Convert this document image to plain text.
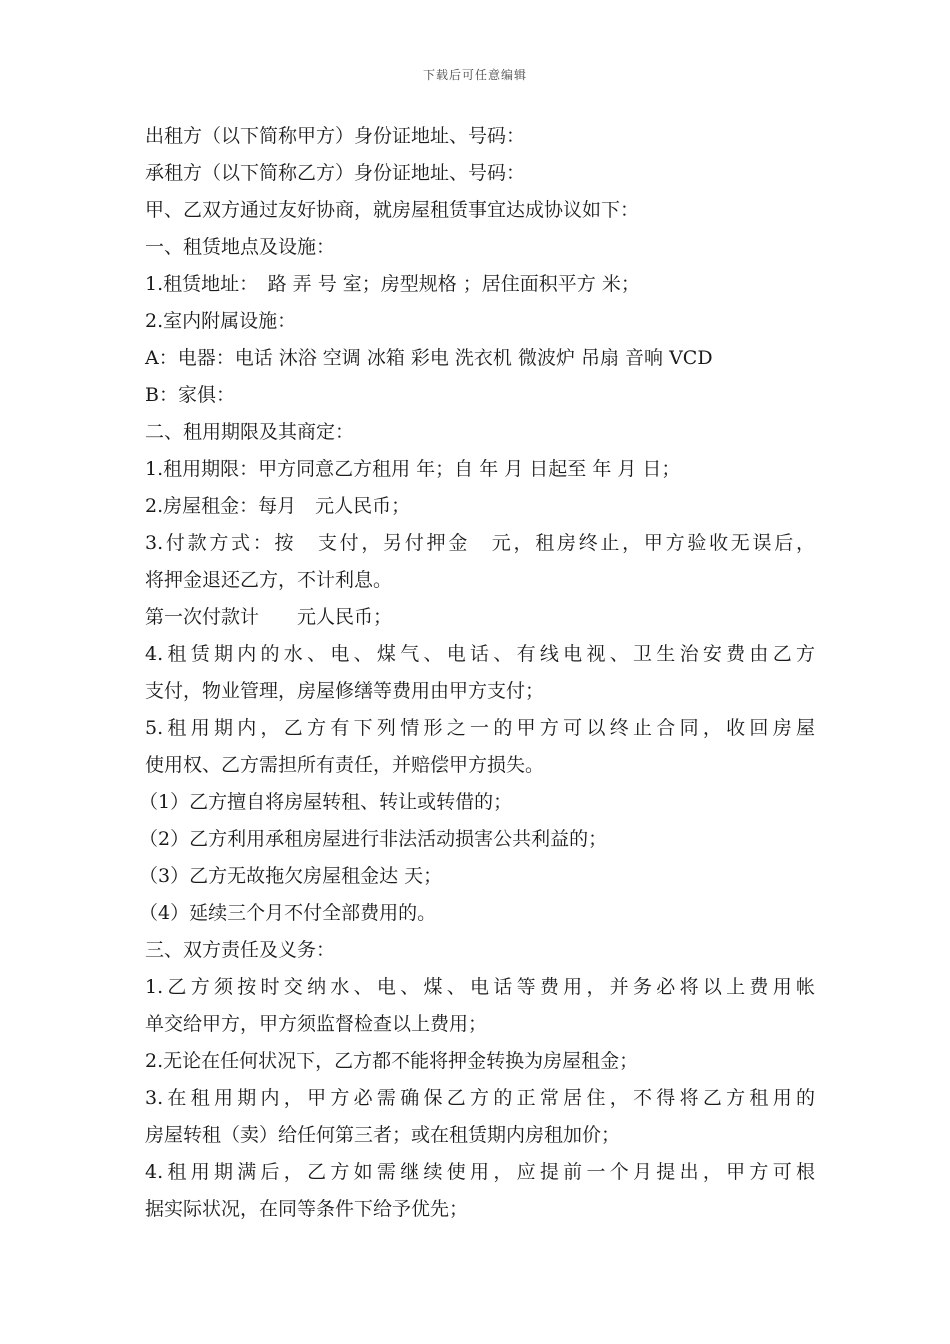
下载后可任意编辑
出租方（以下简称甲方）身份证地址、号码：
承租方（以下简称乙方）身份证地址、号码：
甲、乙双方通过友好协商，就房屋租赁事宜达成协议如下：
一、租赁地点及设施：
1.租赁地址：　路 弄 号 室；房型规格 ；居住面积平方 米；
2.室内附属设施：
A：电器：电话 沐浴 空调 冰箱 彩电 洗衣机 微波炉 吊扇 音响 VCD
B：家俱：
二、租用期限及其商定：
1.租用期限：甲方同意乙方租用 年；自 年 月 日起至 年 月 日；
2.房屋租金：每月　元人民币；
3.付款方式：按　支付，另付押金　元，租房终止，甲方验收无误后，
将押金退还乙方，不计利息。
第一次付款计　　元人民币；
4.租赁期内的水、电、煤气、电话、有线电视、卫生治安费由乙方
支付，物业管理，房屋修缮等费用由甲方支付；
5.租用期内，乙方有下列情形之一的甲方可以终止合同，收回房屋
使用权、乙方需担所有责任，并赔偿甲方损失。
（1）乙方擅自将房屋转租、转让或转借的；
（2）乙方利用承租房屋进行非法活动损害公共利益的；
（3）乙方无故拖欠房屋租金达 天；
（4）延续三个月不付全部费用的。
三、双方责任及义务：
1.乙方须按时交纳水、电、煤、电话等费用，并务必将以上费用帐
单交给甲方，甲方须监督检查以上费用；
2.无论在任何状况下，乙方都不能将押金转换为房屋租金；
3.在租用期内，甲方必需确保乙方的正常居住，不得将乙方租用的
房屋转租（卖）给任何第三者；或在租赁期内房租加价；
4.租用期满后，乙方如需继续使用，应提前一个月提出，甲方可根
据实际状况，在同等条件下给予优先；
